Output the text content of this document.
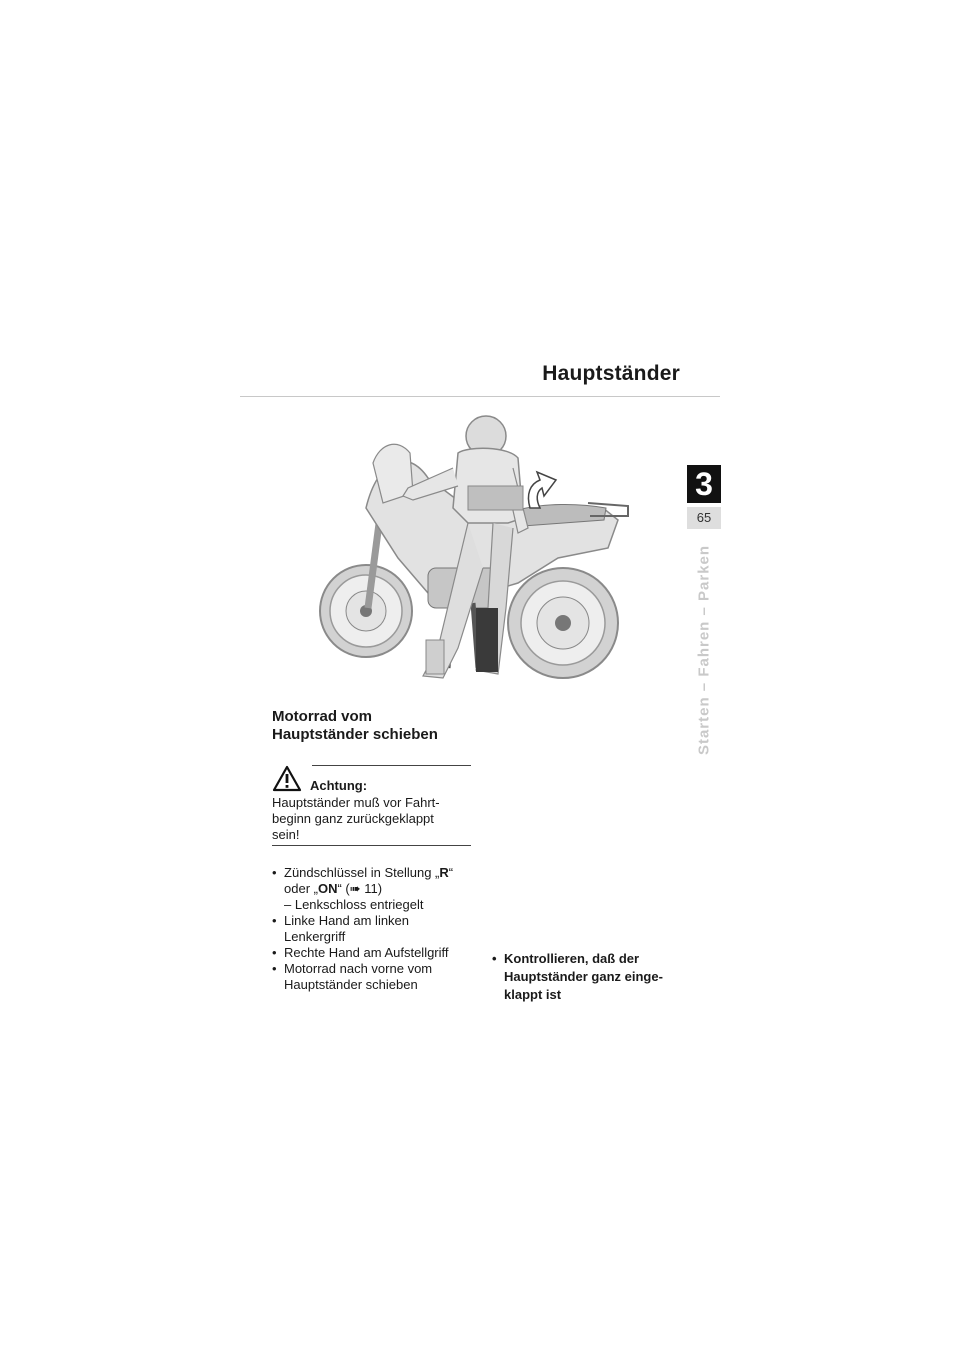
Hauptständer
3
65
Starten – Fahren – Parken
Motorrad vom
Hauptständer schieben
Achtung:
Hauptständer muß vor Fahrt-
beginn ganz zurückgeklappt
sein!
• Zündschlüssel in Stellung „R“
oder „ON“ (➠ 11)
– Lenkschloss entriegelt
• Linke Hand am linken
Lenkergriff
• Rechte Hand am Aufstellgriff
• Motorrad nach vorne vom
Hauptständer schieben
• Kontrollieren, daß der
Hauptständer ganz einge-
klappt ist
